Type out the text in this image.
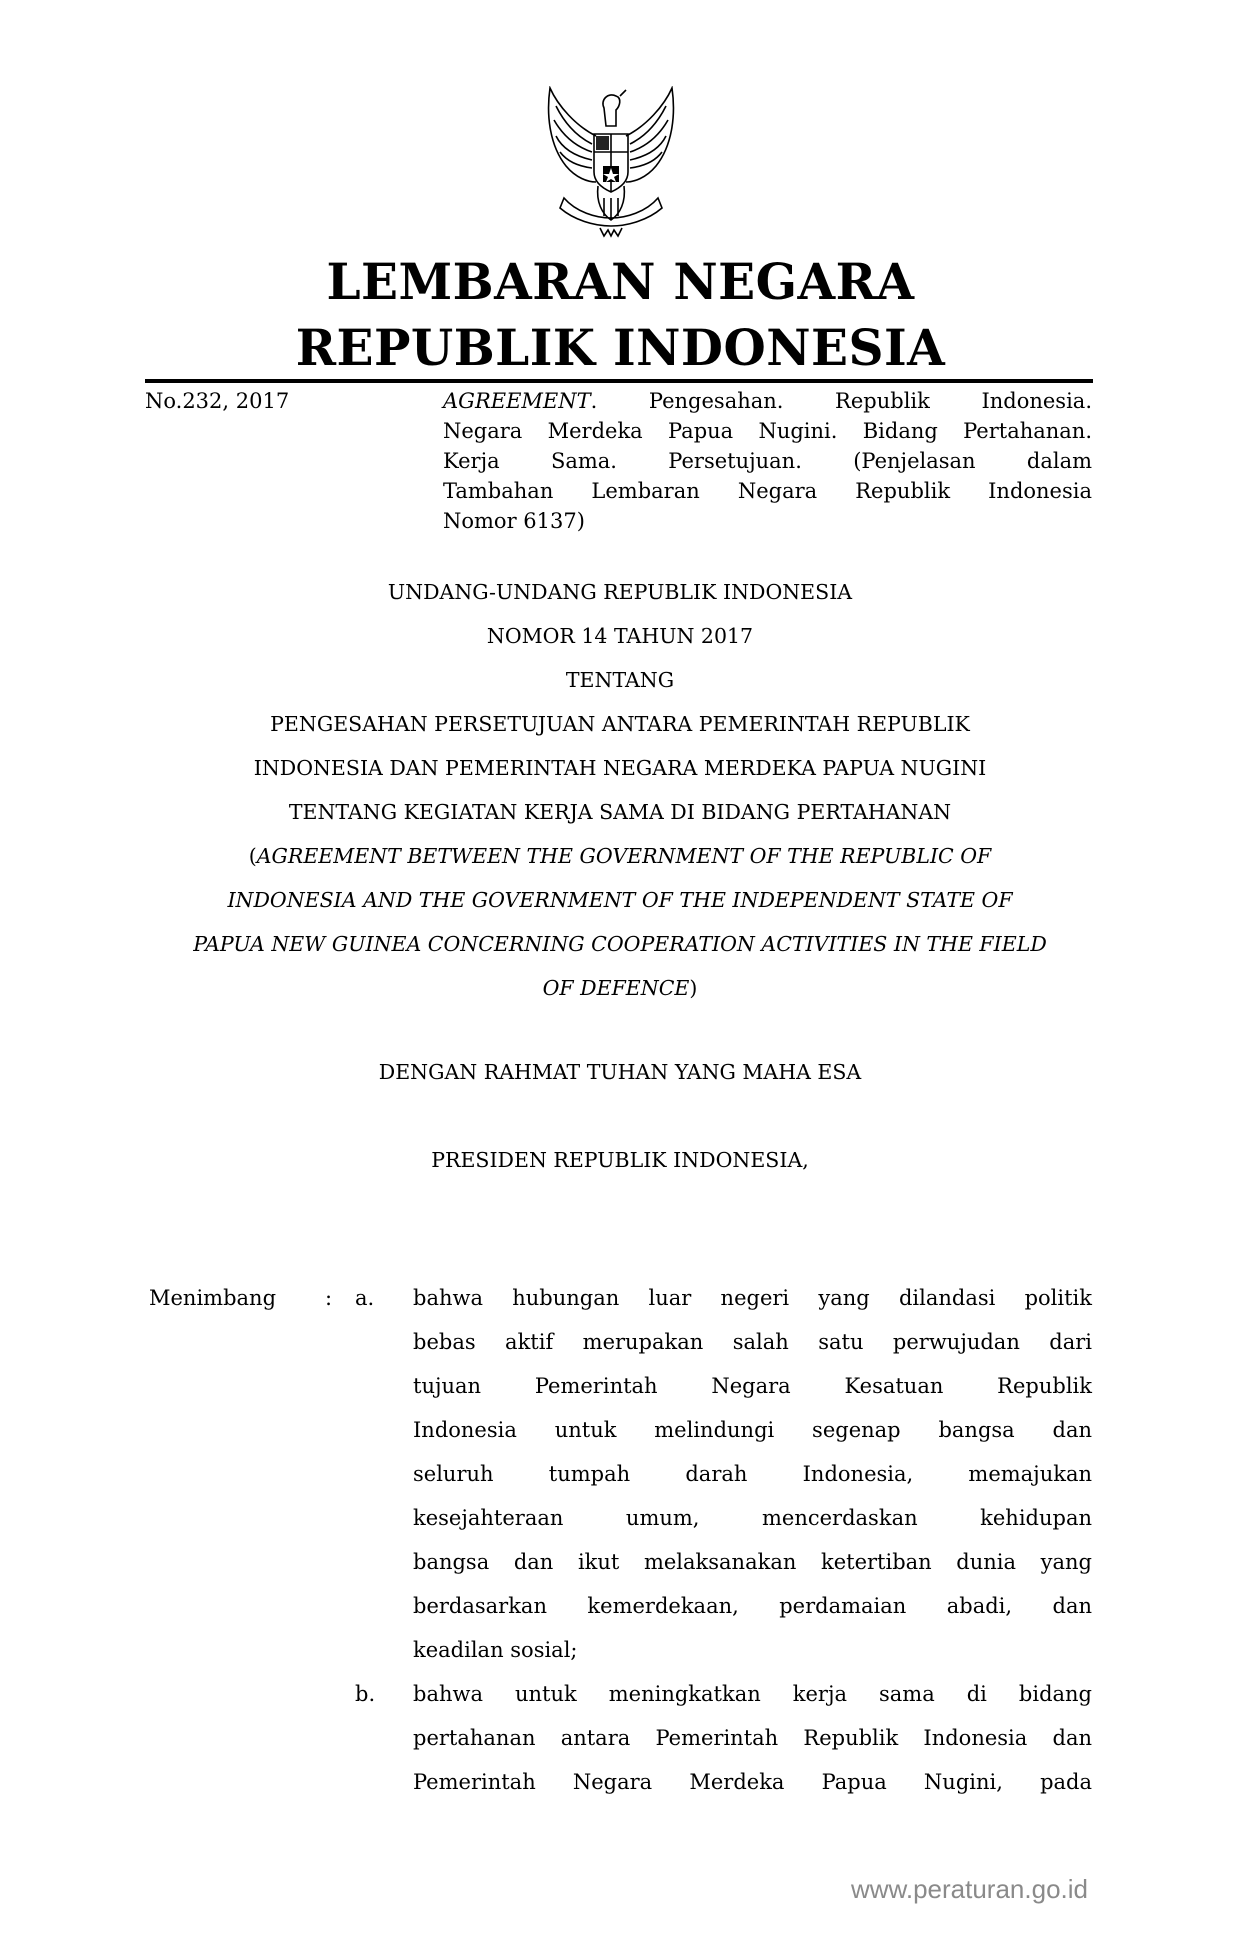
LEMBARAN NEGARA
REPUBLIK INDONESIA
No.232, 2017	AGREEMENT. Pengesahan. Republik Indonesia.
Negara Merdeka Papua Nugini. Bidang Pertahanan.
Kerja Sama. Persetujuan. (Penjelasan dalam
Tambahan Lembaran Negara Republik Indonesia
Nomor 6137)
UNDANG-UNDANG REPUBLIK INDONESIA
NOMOR 14 TAHUN 2017
TENTANG
PENGESAHAN PERSETUJUAN ANTARA PEMERINTAH REPUBLIK
INDONESIA DAN PEMERINTAH NEGARA MERDEKA PAPUA NUGINI
TENTANG KEGIATAN KERJA SAMA DI BIDANG PERTAHANAN
(AGREEMENT BETWEEN THE GOVERNMENT OF THE REPUBLIC OF
INDONESIA AND THE GOVERNMENT OF THE INDEPENDENT STATE OF
PAPUA NEW GUINEA CONCERNING COOPERATION ACTIVITIES IN THE FIELD
OF DEFENCE)
DENGAN RAHMAT TUHAN YANG MAHA ESA
PRESIDEN REPUBLIK INDONESIA,
Menimbang : a. bahwa hubungan luar negeri yang dilandasi politik
bebas aktif merupakan salah satu perwujudan dari
tujuan Pemerintah Negara Kesatuan Republik
Indonesia untuk melindungi segenap bangsa dan
seluruh tumpah darah Indonesia, memajukan
kesejahteraan umum, mencerdaskan kehidupan
bangsa dan ikut melaksanakan ketertiban dunia yang
berdasarkan kemerdekaan, perdamaian abadi, dan
keadilan sosial;
b. bahwa untuk meningkatkan kerja sama di bidang
pertahanan antara Pemerintah Republik Indonesia dan
Pemerintah Negara Merdeka Papua Nugini, pada
www.peraturan.go.id
